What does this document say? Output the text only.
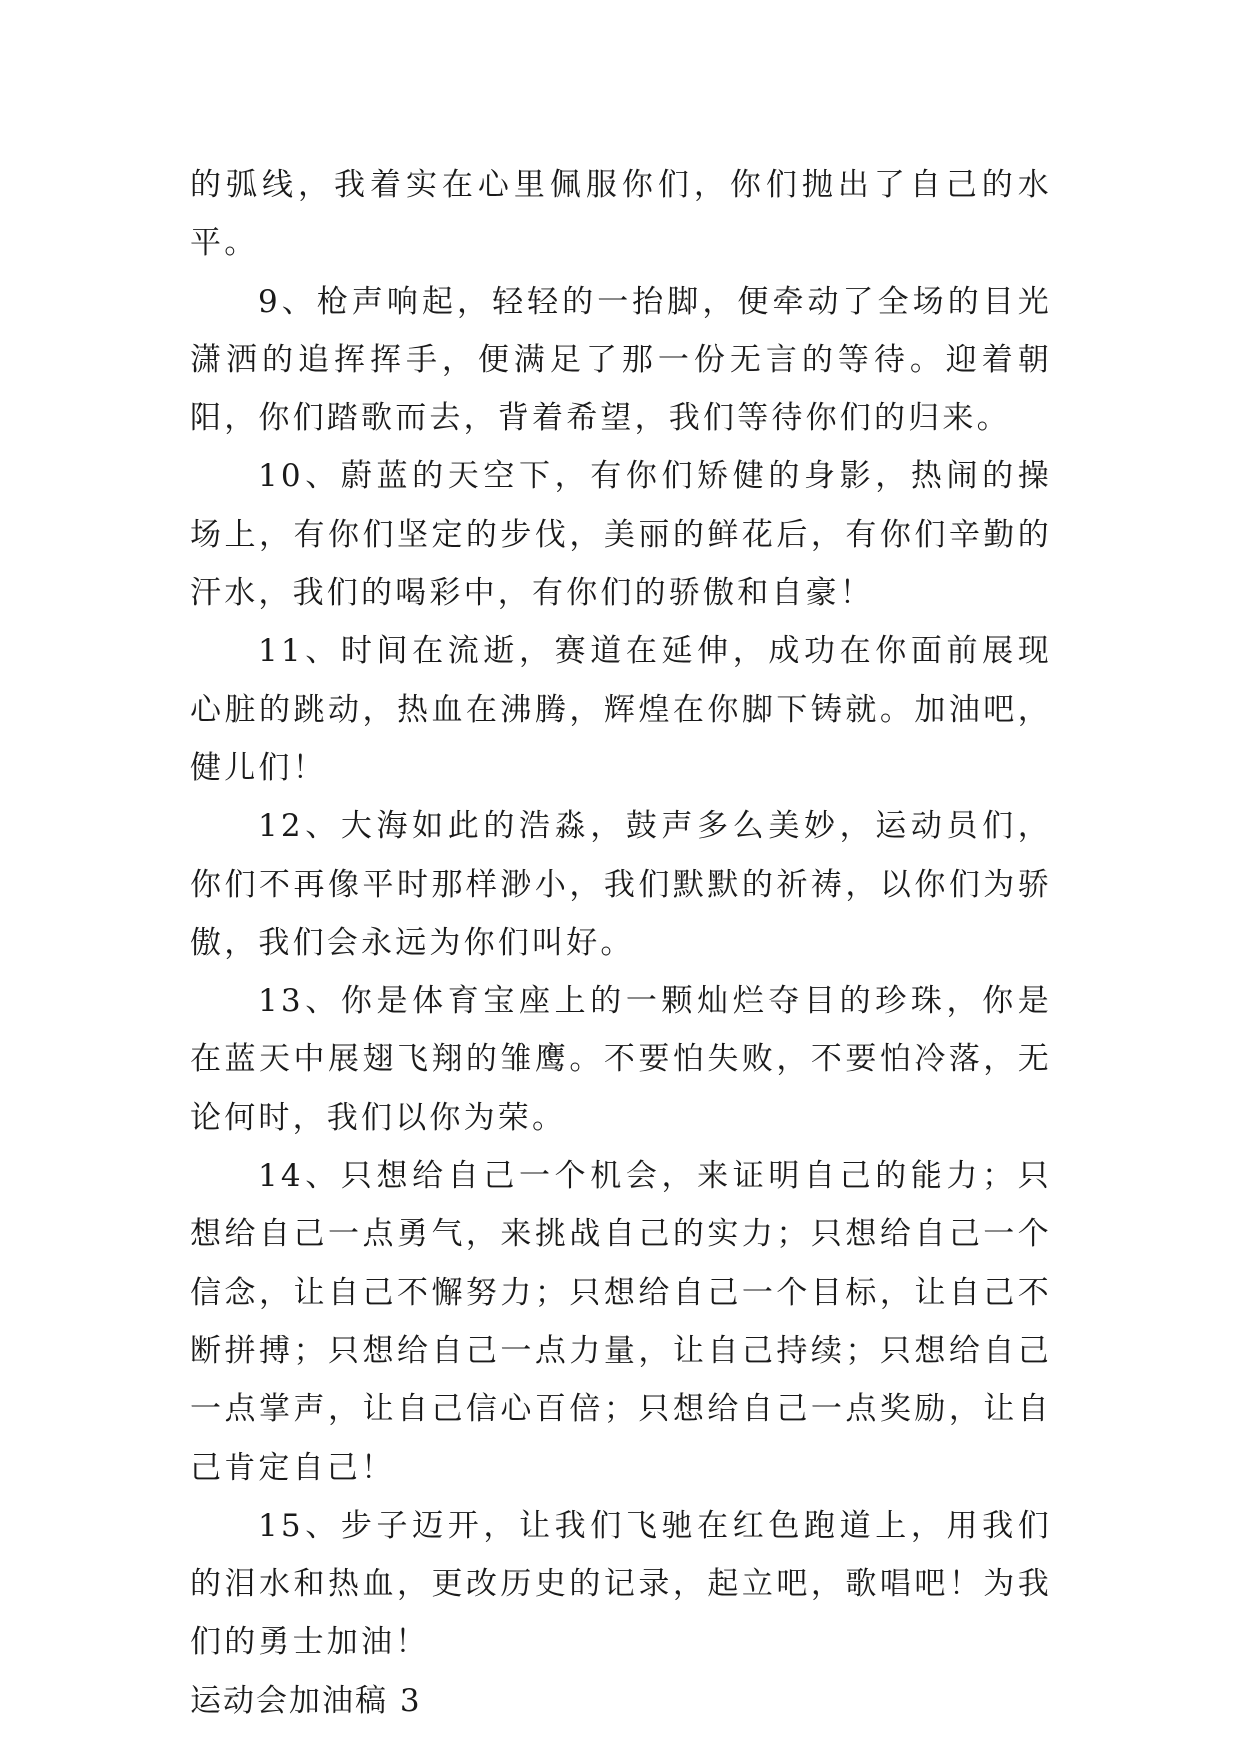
的弧线，我着实在心里佩服你们，你们抛出了自己的水平。

9、枪声响起，轻轻的一抬脚，便牵动了全场的目光潇洒的追挥挥手，便满足了那一份无言的等待。迎着朝阳，你们踏歌而去，背着希望，我们等待你们的归来。

10、蔚蓝的天空下，有你们矫健的身影，热闹的操场上，有你们坚定的步伐，美丽的鲜花后，有你们辛勤的汗水，我们的喝彩中，有你们的骄傲和自豪！

11、时间在流逝，赛道在延伸，成功在你面前展现心脏的跳动，热血在沸腾，辉煌在你脚下铸就。加油吧，健儿们！

12、大海如此的浩淼，鼓声多么美妙，运动员们，你们不再像平时那样渺小，我们默默的祈祷，以你们为骄傲，我们会永远为你们叫好。

13、你是体育宝座上的一颗灿烂夺目的珍珠，你是在蓝天中展翅飞翔的雏鹰。不要怕失败，不要怕冷落，无论何时，我们以你为荣。

14、只想给自己一个机会，来证明自己的能力；只想给自己一点勇气，来挑战自己的实力；只想给自己一个信念，让自己不懈努力；只想给自己一个目标，让自己不断拼搏；只想给自己一点力量，让自己持续；只想给自己一点掌声，让自己信心百倍；只想给自己一点奖励，让自己肯定自己！

15、步子迈开，让我们飞驰在红色跑道上，用我们的泪水和热血，更改历史的记录，起立吧，歌唱吧！为我们的勇士加油！

运动会加油稿 3
